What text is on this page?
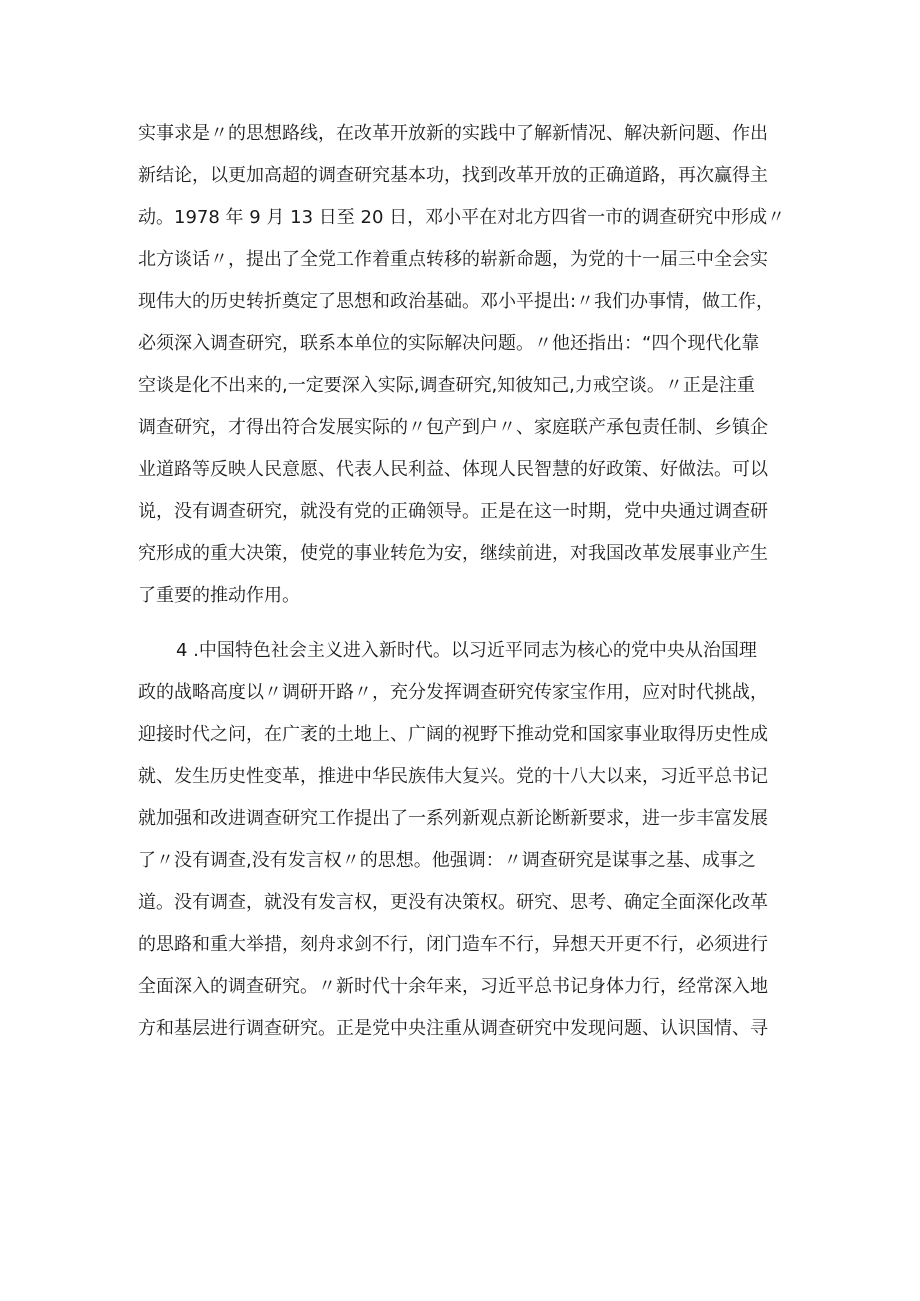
实事求是〃的思想路线，在改革开放新的实践中了解新情况、解决新问题、作出
新结论，以更加高超的调查研究基本功，找到改革开放的正确道路，再次赢得主
动。1978 年 9 月 13 日至 20 日，邓小平在对北方四省一市的调查研究中形成〃
北方谈话〃，提出了全党工作着重点转移的崭新命题，为党的十一届三中全会实
现伟大的历史转折奠定了思想和政治基础。邓小平提出:〃我们办事情，做工作，
必须深入调查研究，联系本单位的实际解决问题。〃他还指出：“四个现代化靠
空谈是化不出来的,一定要深入实际,调查研究,知彼知己,力戒空谈。〃正是注重
调查研究，才得出符合发展实际的〃包产到户〃、家庭联产承包责任制、乡镇企
业道路等反映人民意愿、代表人民利益、体现人民智慧的好政策、好做法。可以
说，没有调查研究，就没有党的正确领导。正是在这一时期，党中央通过调查研
究形成的重大决策，使党的事业转危为安，继续前进，对我国改革发展事业产生
了重要的推动作用。
4 .中国特色社会主义进入新时代。以习近平同志为核心的党中央从治国理
政的战略高度以〃调研开路〃，充分发挥调查研究传家宝作用，应对时代挑战，
迎接时代之问，在广袤的土地上、广阔的视野下推动党和国家事业取得历史性成
就、发生历史性变革，推进中华民族伟大复兴。党的十八大以来，习近平总书记
就加强和改进调查研究工作提出了一系列新观点新论断新要求，进一步丰富发展
了〃没有调查,没有发言权〃的思想。他强调：〃调查研究是谋事之基、成事之
道。没有调查，就没有发言权，更没有决策权。研究、思考、确定全面深化改革
的思路和重大举措，刻舟求剑不行，闭门造车不行，异想天开更不行，必须进行
全面深入的调查研究。〃新时代十余年来，习近平总书记身体力行，经常深入地
方和基层进行调查研究。正是党中央注重从调查研究中发现问题、认识国情、寻
